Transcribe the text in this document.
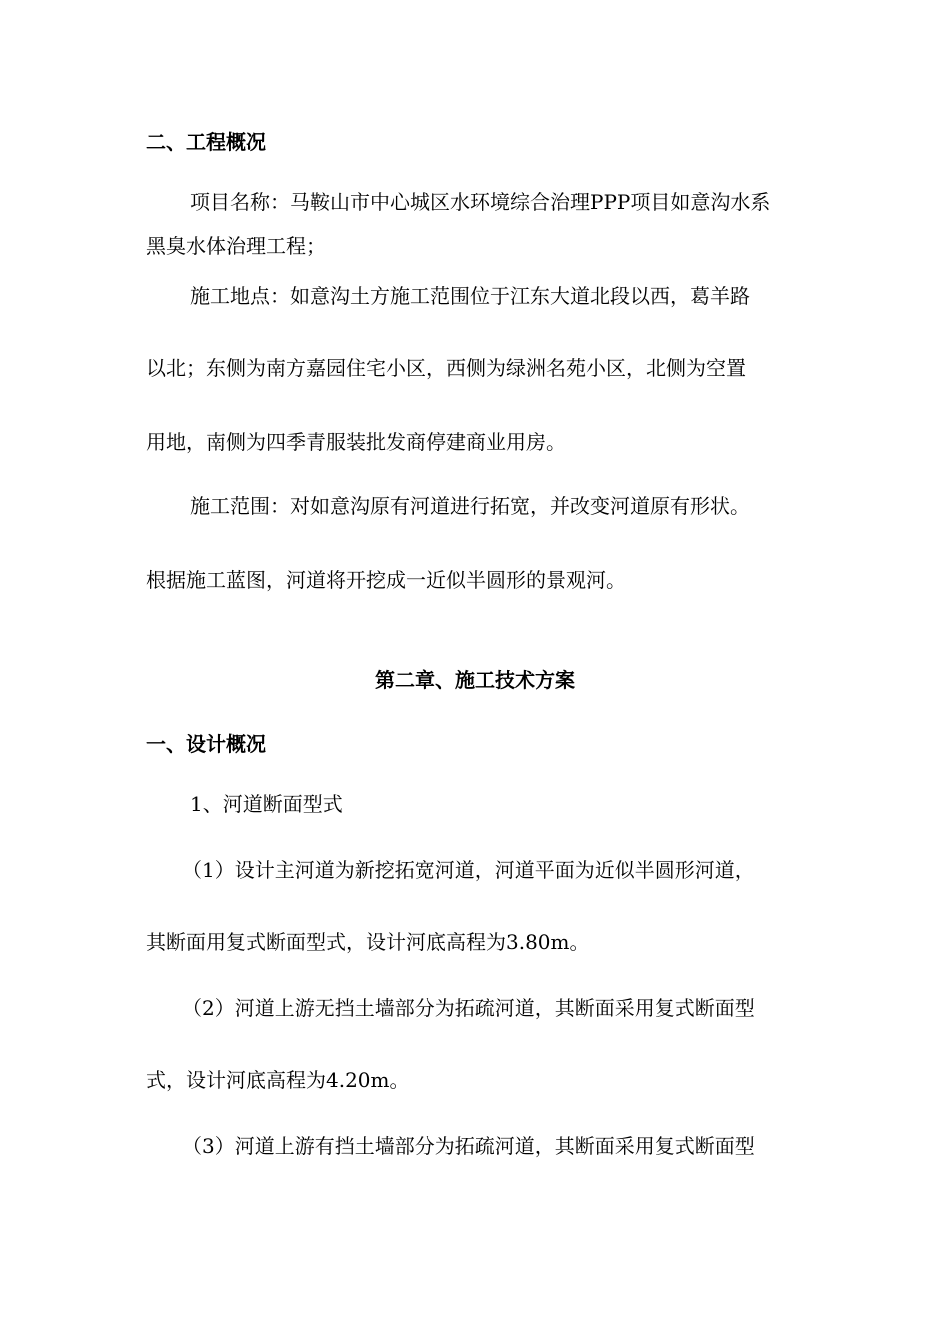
二、工程概况
项目名称：马鞍山市中心城区水环境综合治理PPP项目如意沟水系
黑臭水体治理工程；
施工地点：如意沟土方施工范围位于江东大道北段以西，葛羊路
以北；东侧为南方嘉园住宅小区，西侧为绿洲名苑小区，北侧为空置
用地，南侧为四季青服装批发商停建商业用房。
施工范围：对如意沟原有河道进行拓宽，并改变河道原有形状。
根据施工蓝图，河道将开挖成一近似半圆形的景观河。
第二章、施工技术方案
一、设计概况
1、河道断面型式
（1）设计主河道为新挖拓宽河道，河道平面为近似半圆形河道，
其断面用复式断面型式，设计河底高程为3.80m。
（2）河道上游无挡土墙部分为拓疏河道，其断面采用复式断面型
式，设计河底高程为4.20m。
（3）河道上游有挡土墙部分为拓疏河道，其断面采用复式断面型
